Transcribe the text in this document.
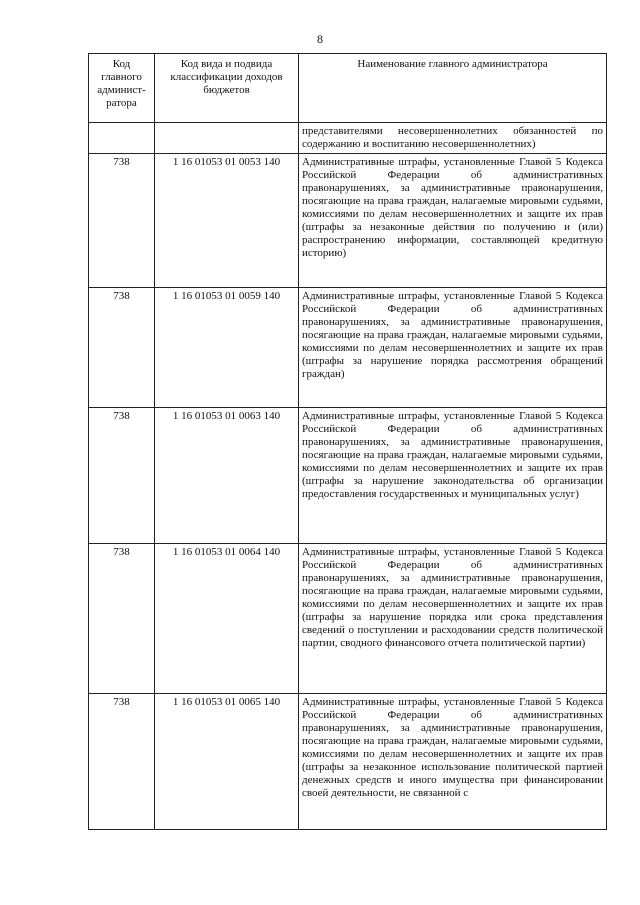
8
Код главного админист-ратора	Код вида и подвида классификации доходов бюджетов	Наименование главного администратора
		представителями несовершеннолетних обязанностей по содержанию и воспитанию несовершеннолетних)
738	1 16 01053 01 0053 140	Административные штрафы, установленные Главой 5 Кодекса Российской Федерации об административных правонарушениях, за административные правонарушения, посягающие на права граждан, налагаемые мировыми судьями, комиссиями по делам несовершеннолетних и защите их прав (штрафы за незаконные действия по получению и (или) распространению информации, составляющей кредитную историю)
738	1 16 01053 01 0059 140	Административные штрафы, установленные Главой 5 Кодекса Российской Федерации об административных правонарушениях, за административные правонарушения, посягающие на права граждан, налагаемые мировыми судьями, комиссиями по делам несовершеннолетних и защите их прав (штрафы за нарушение порядка рассмотрения обращений граждан)
738	1 16 01053 01 0063 140	Административные штрафы, установленные Главой 5 Кодекса Российской Федерации об административных правонарушениях, за административные правонарушения, посягающие на права граждан, налагаемые мировыми судьями, комиссиями по делам несовершеннолетних и защите их прав (штрафы за нарушение законодательства об организации предоставления государственных и муниципальных услуг)
738	1 16 01053 01 0064 140	Административные штрафы, установленные Главой 5 Кодекса Российской Федерации об административных правонарушениях, за административные правонарушения, посягающие на права граждан, налагаемые мировыми судьями, комиссиями по делам несовершеннолетних и защите их прав (штрафы за нарушение порядка или срока представления сведений о поступлении и расходовании средств политической партии, сводного финансового отчета политической партии)
738	1 16 01053 01 0065 140	Административные штрафы, установленные Главой 5 Кодекса Российской Федерации об административных правонарушениях, за административные правонарушения, посягающие на права граждан, налагаемые мировыми судьями, комиссиями по делам несовершеннолетних и защите их прав (штрафы за незаконное использование политической партией денежных средств и иного имущества при финансировании своей деятельности, не связанной с
